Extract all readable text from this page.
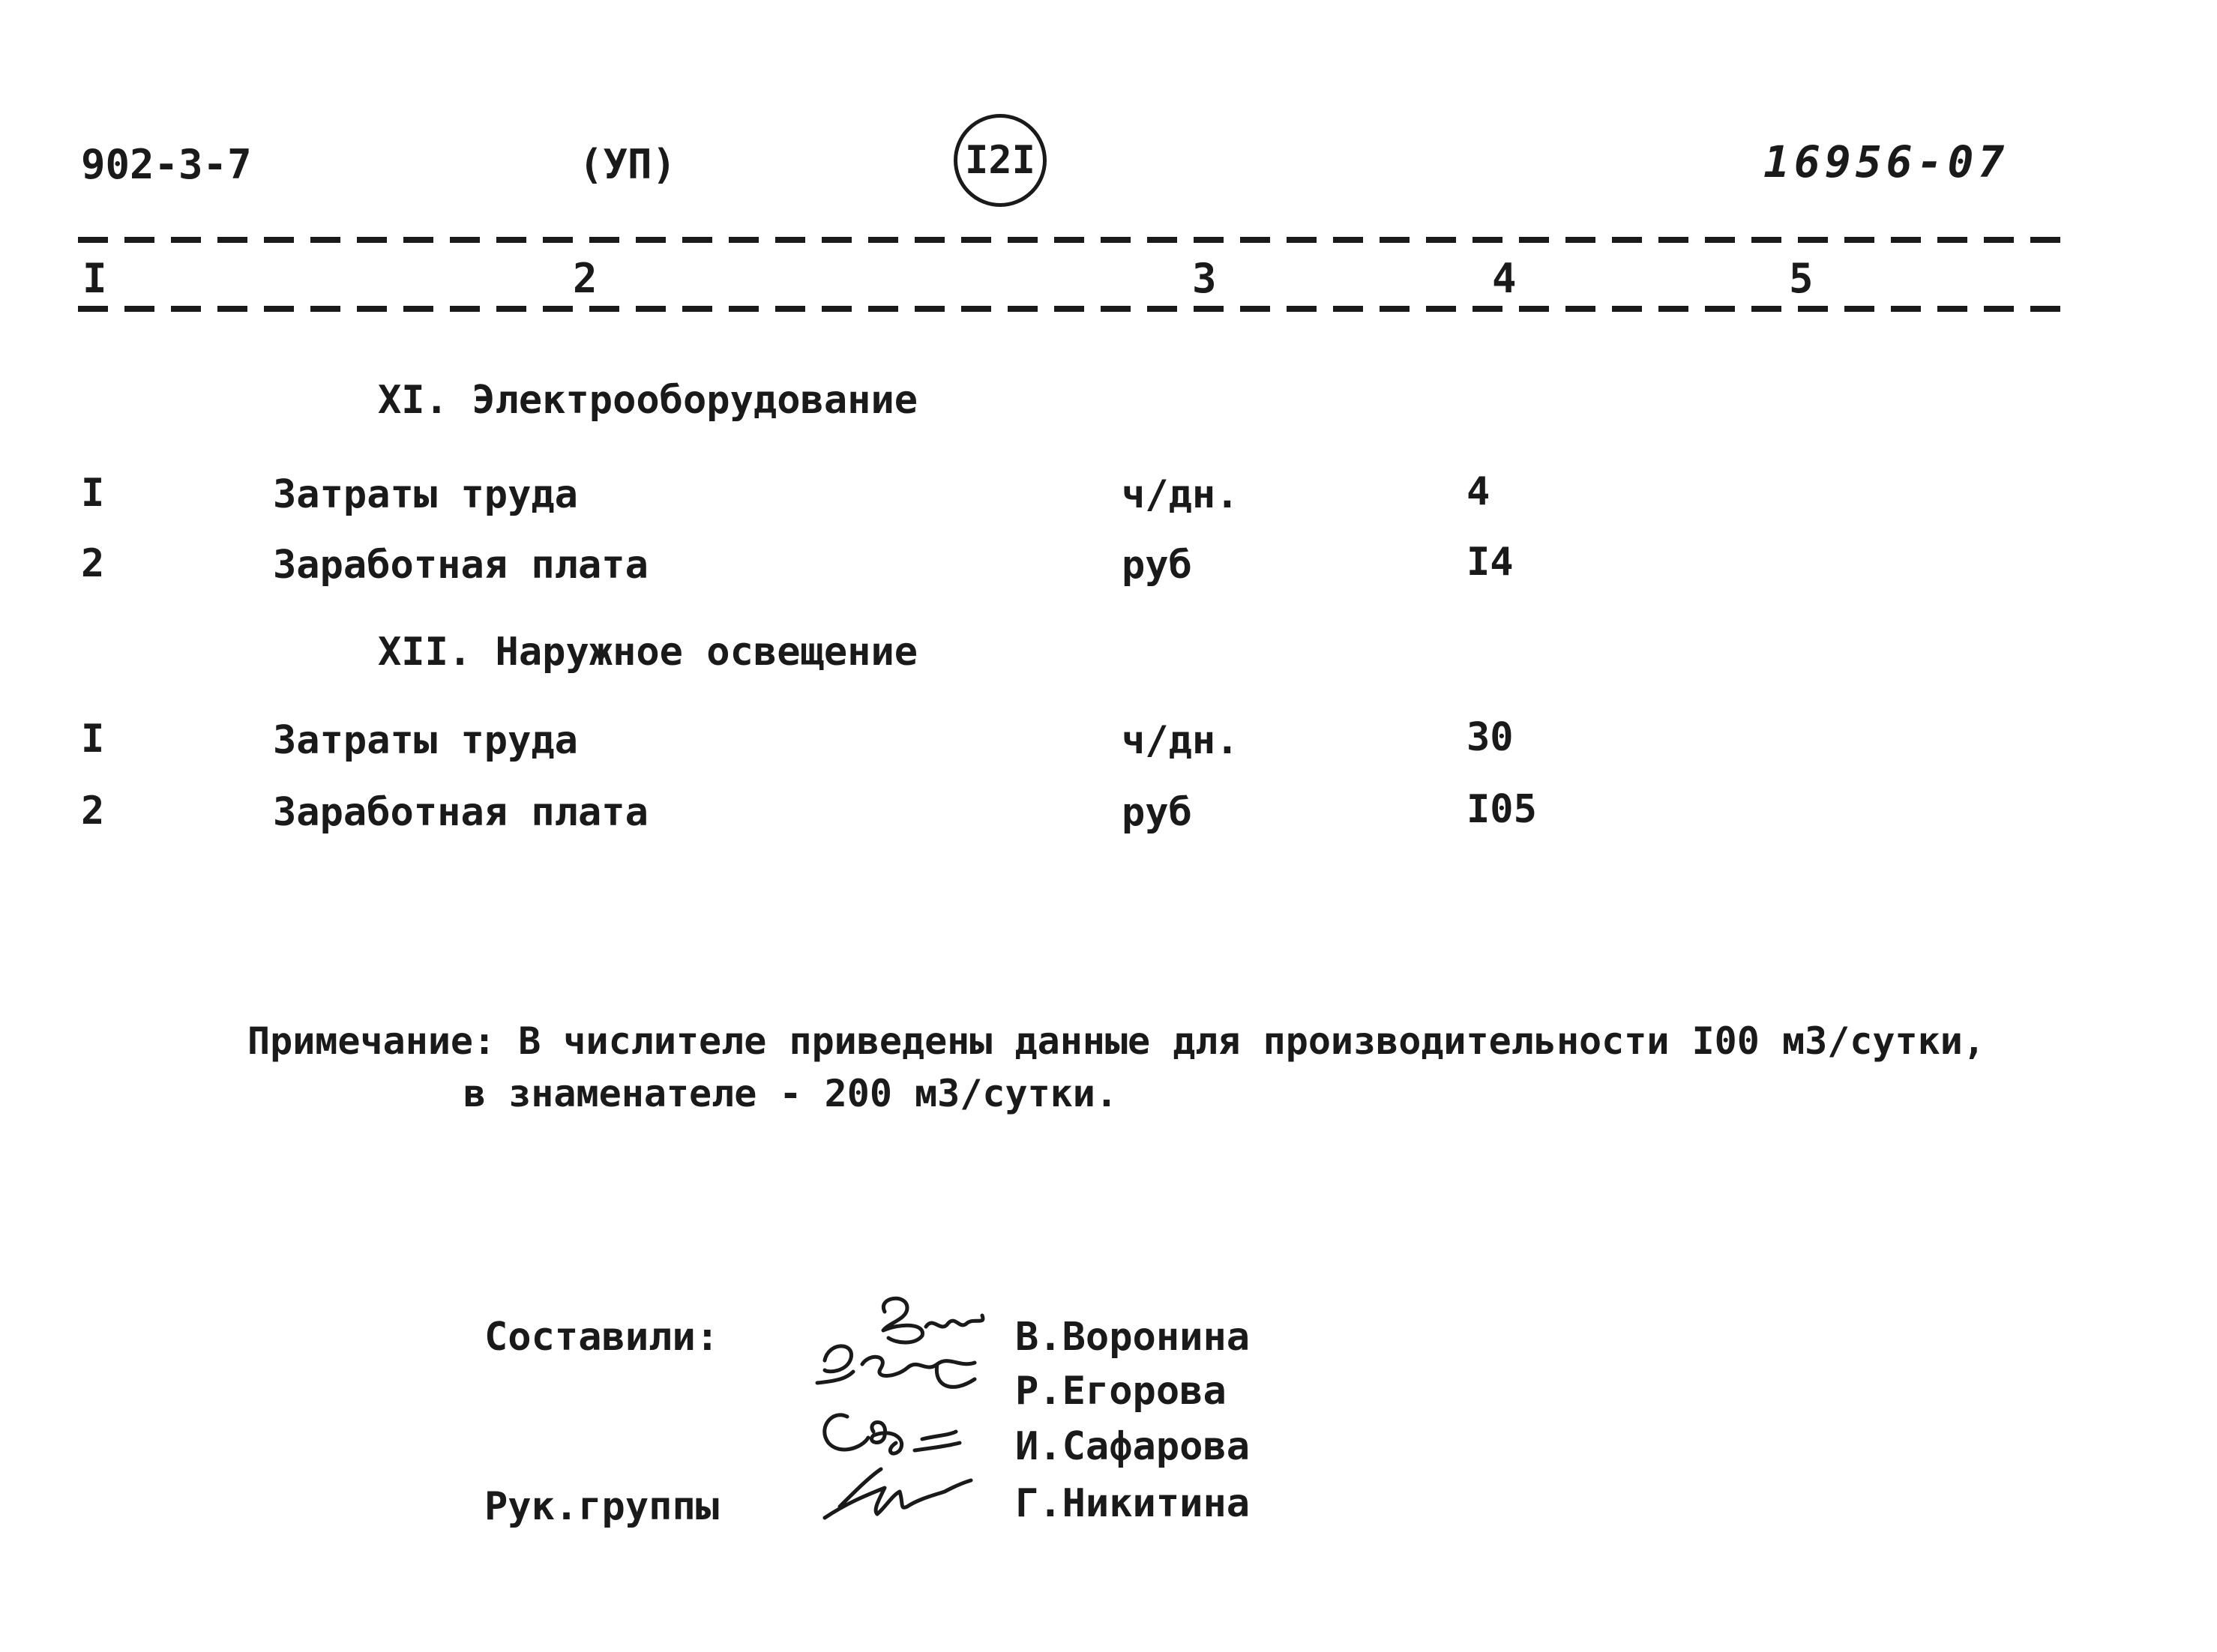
902-3-7	(УП)	I2I	16956-07
I	2	3	4	5
XI. Электрооборудование
I	Затраты труда	ч/дн.	4
2	Заработная плата	руб	I4
XII. Наружное освещение
I	Затраты труда	ч/дн.	30
2	Заработная плата	руб	I05
Примечание: В числителе приведены данные для производительности I00 м3/сутки,
в знаменателе - 200 м3/сутки.
Составили:
Рук.группы
В.Воронина
Р.Егорова
И.Сафарова
Г.Никитина
